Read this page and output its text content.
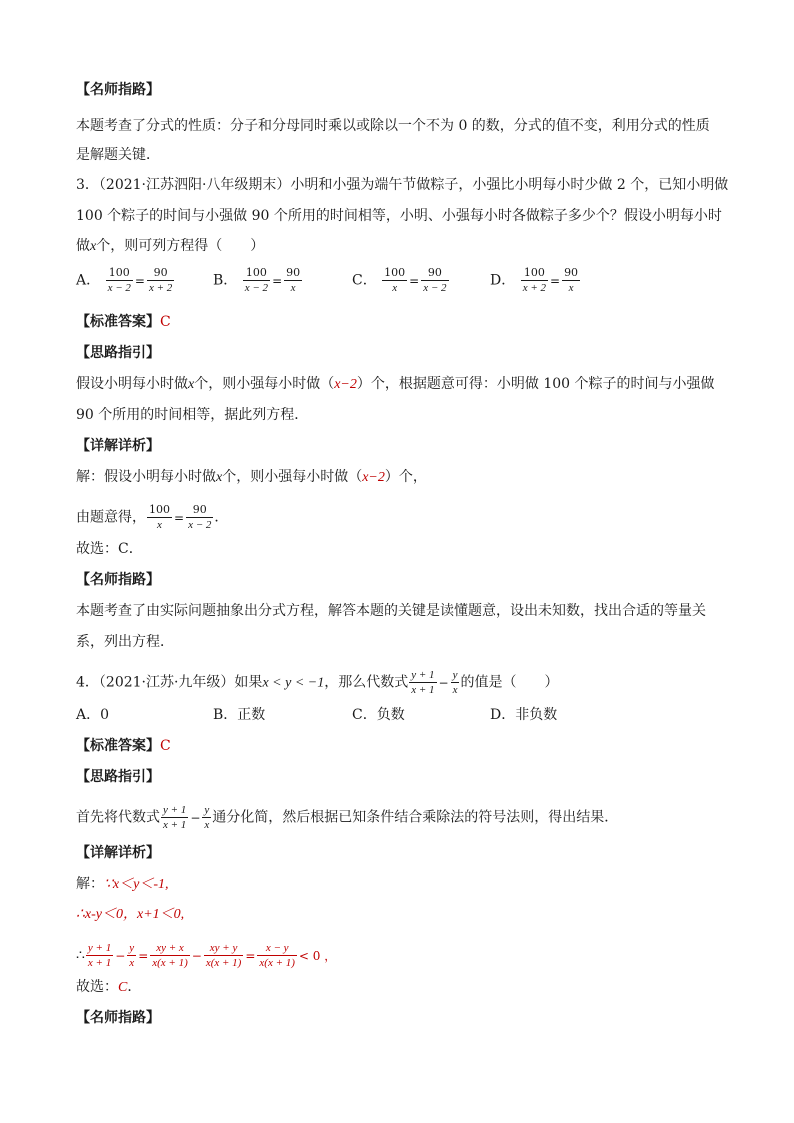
【名师指路】
本题考查了分式的性质：分子和分母同时乘以或除以一个不为 0 的数，分式的值不变，利用分式的性质
是解题关键．
3．（2021·江苏泗阳·八年级期末）小明和小强为端午节做粽子，小强比小明每小时少做 2 个，已知小明做
100 个粽子的时间与小强做 90 个所用的时间相等，小明、小强每小时各做粽子多少个？假设小明每小时
做x个，则可列方程得（　　）
A． $\frac{100}{x - 2} = \frac{90}{x + 2}$	B． $\frac{100}{x - 2} = \frac{90}{x}$	C． $\frac{100}{x} = \frac{90}{x - 2}$	D． $\frac{100}{x + 2} = \frac{90}{x}$
【标准答案】C
【思路指引】
假设小明每小时做x个，则小强每小时做（x−2）个，根据题意可得：小明做 100 个粽子的时间与小强做
90 个所用的时间相等，据此列方程．
【详解详析】
解：假设小明每小时做x个，则小强每小时做（x−2）个，
由题意得， $\frac{100}{x} = \frac{90}{x - 2}$ ．
故选：C．
【名师指路】
本题考查了由实际问题抽象出分式方程，解答本题的关键是读懂题意，设出未知数，找出合适的等量关
系，列出方程．
4．（2021·江苏·九年级）如果x < y < −1，那么代数式 $\frac{y + 1}{x + 1} - \frac{y}{x}$ 的值是（　　）
A．0	B．正数	C．负数	D．非负数
【标准答案】C
【思路指引】
首先将代数式 $\frac{y + 1}{x + 1} - \frac{y}{x}$ 通分化简，然后根据已知条件结合乘除法的符号法则，得出结果．
【详解详析】
解：∵x＜y＜-1,
∴x-y＜0，x+1＜0,
∴ $\frac{y + 1}{x + 1} - \frac{y}{x} = \frac{xy + x}{x(x + 1)} - \frac{xy + y}{x(x + 1)} = \frac{x - y}{x(x + 1)} < 0$ ，
故选：C．
【名师指路】
